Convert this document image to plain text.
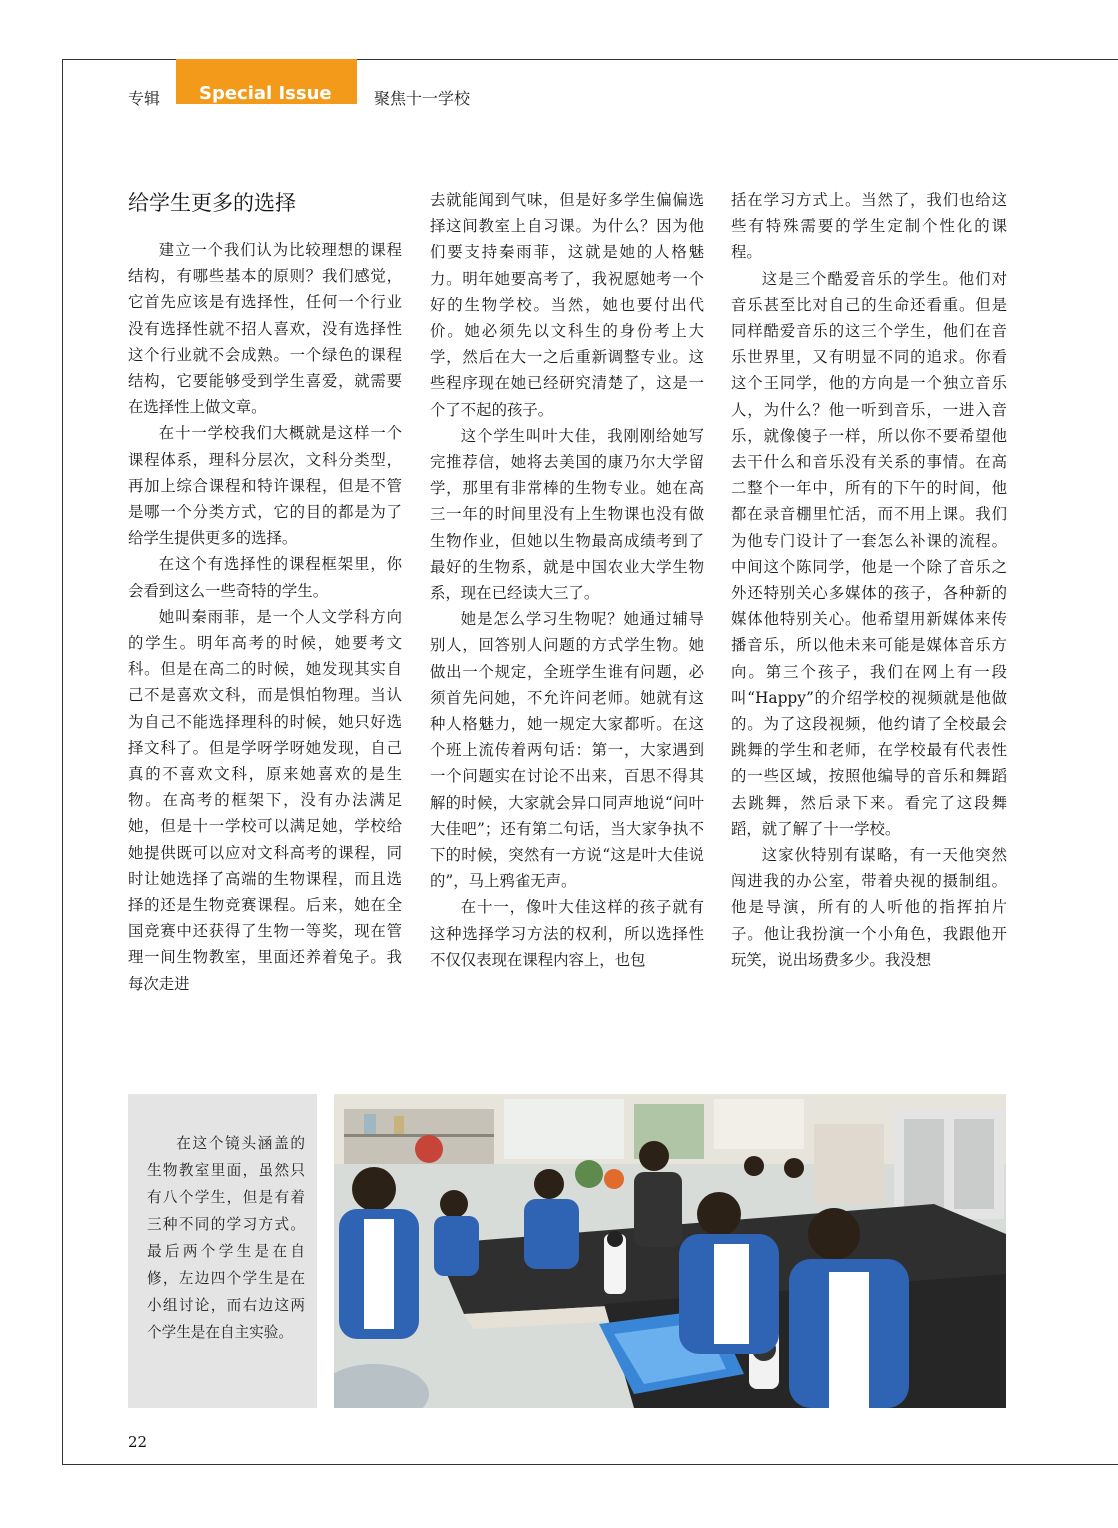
专辑 Special Issue	聚焦十一学校
给学生更多的选择

建立一个我们认为比较理想的课程结构，有哪些基本的原则？我们感觉，它首先应该是有选择性，任何一个行业没有选择性就不招人喜欢，没有选择性这个行业就不会成熟。一个绿色的课程结构，它要能够受到学生喜爱，就需要在选择性上做文章。

在十一学校我们大概就是这样一个课程体系，理科分层次，文科分类型，再加上综合课程和特许课程，但是不管是哪一个分类方式，它的目的都是为了给学生提供更多的选择。

在这个有选择性的课程框架里，你会看到这么一些奇特的学生。

她叫秦雨菲，是一个人文学科方向的学生。明年高考的时候，她要考文科。但是在高二的时候，她发现其实自己不是喜欢文科，而是惧怕物理。当认为自己不能选择理科的时候，她只好选择文科了。但是学呀学呀她发现，自己真的不喜欢文科，原来她喜欢的是生物。在高考的框架下，没有办法满足她，但是十一学校可以满足她，学校给她提供既可以应对文科高考的课程，同时让她选择了高端的生物课程，而且选择的还是生物竞赛课程。后来，她在全国竞赛中还获得了生物一等奖，现在管理一间生物教室，里面还养着兔子。我每次走进

去就能闻到气味，但是好多学生偏偏选择这间教室上自习课。为什么？因为他们要支持秦雨菲，这就是她的人格魅力。明年她要高考了，我祝愿她考一个好的生物学校。当然，她也要付出代价。她必须先以文科生的身份考上大学，然后在大一之后重新调整专业。这些程序现在她已经研究清楚了，这是一个了不起的孩子。

这个学生叫叶大佳，我刚刚给她写完推荐信，她将去美国的康乃尔大学留学，那里有非常棒的生物专业。她在高三一年的时间里没有上生物课也没有做生物作业，但她以生物最高成绩考到了最好的生物系，就是中国农业大学生物系，现在已经读大三了。

她是怎么学习生物呢？她通过辅导别人，回答别人问题的方式学生物。她做出一个规定，全班学生谁有问题，必须首先问她，不允许问老师。她就有这种人格魅力，她一规定大家都听。在这个班上流传着两句话：第一，大家遇到一个问题实在讨论不出来，百思不得其解的时候，大家就会异口同声地说“问叶大佳吧”；还有第二句话，当大家争执不下的时候，突然有一方说“这是叶大佳说的”，马上鸦雀无声。

在十一，像叶大佳这样的孩子就有这种选择学习方法的权利，所以选择性不仅仅表现在课程内容上，也包

括在学习方式上。当然了，我们也给这些有特殊需要的学生定制个性化的课程。

这是三个酷爱音乐的学生。他们对音乐甚至比对自己的生命还看重。但是同样酷爱音乐的这三个学生，他们在音乐世界里，又有明显不同的追求。你看这个王同学，他的方向是一个独立音乐人，为什么？他一听到音乐，一进入音乐，就像傻子一样，所以你不要希望他去干什么和音乐没有关系的事情。在高二整个一年中，所有的下午的时间，他都在录音棚里忙活，而不用上课。我们为他专门设计了一套怎么补课的流程。中间这个陈同学，他是一个除了音乐之外还特别关心多媒体的孩子，各种新的媒体他特别关心。他希望用新媒体来传播音乐，所以他未来可能是媒体音乐方向。第三个孩子，我们在网上有一段叫“Happy”的介绍学校的视频就是他做的。为了这段视频，他约请了全校最会跳舞的学生和老师，在学校最有代表性的一些区域，按照他编导的音乐和舞蹈去跳舞，然后录下来。看完了这段舞蹈，就了解了十一学校。

这家伙特别有谋略，有一天他突然闯进我的办公室，带着央视的摄制组。他是导演，所有的人听他的指挥拍片子。他让我扮演一个小角色，我跟他开玩笑，说出场费多少。我没想

在这个镜头涵盖的生物教室里面，虽然只有八个学生，但是有着三种不同的学习方式。最后两个学生是在自修，左边四个学生是在小组讨论，而右边这两个学生是在自主实验。

22
